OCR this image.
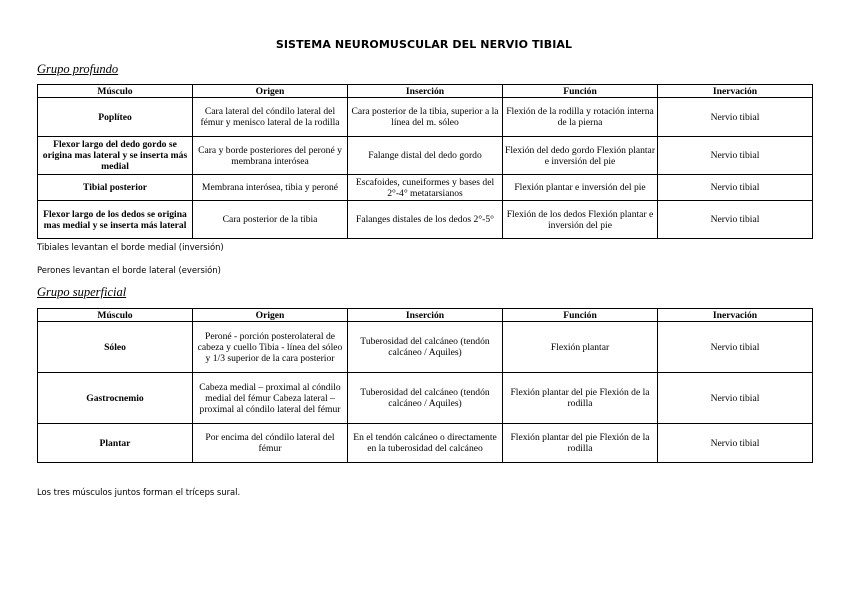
SISTEMA NEUROMUSCULAR DEL NERVIO TIBIAL
Grupo profundo
Músculo	Origen	Inserción	Función	Inervación
Poplíteo	Cara lateral del cóndilo lateral del fémur y menisco lateral de la rodilla	Cara posterior de la tibia, superior a la línea del m. sóleo	Flexión de la rodilla y rotación interna de la pierna	Nervio tibial
Flexor largo del dedo gordo se origina mas lateral y se inserta más medial	Cara y borde posteriores del peroné y membrana interósea	Falange distal del dedo gordo	Flexión del dedo gordo Flexión plantar e inversión del pie	Nervio tibial
Tibial posterior	Membrana interósea, tibia y peroné	Escafoides, cuneiformes y bases del 2°-4° metatarsianos	Flexión plantar e inversión del pie	Nervio tibial
Flexor largo de los dedos se origina mas medial y se inserta más lateral	Cara posterior de la tibia	Falanges distales de los dedos 2°-5°	Flexión de los dedos Flexión plantar e inversión del pie	Nervio tibial
Tibiales levantan el borde medial (inversión)
Perones levantan el borde lateral (eversión)
Grupo superficial
Músculo	Origen	Inserción	Función	Inervación
Sóleo	Peroné - porción posterolateral de cabeza y cuello Tibia - línea del sóleo y 1/3 superior de la cara posterior	Tuberosidad del calcáneo (tendón calcáneo / Aquiles)	Flexión plantar	Nervio tibial
Gastrocnemio	Cabeza medial – proximal al cóndilo medial del fémur Cabeza lateral – proximal al cóndilo lateral del fémur	Tuberosidad del calcáneo (tendón calcáneo / Aquiles)	Flexión plantar del pie Flexión de la rodilla	Nervio tibial
Plantar	Por encima del cóndilo lateral del fémur	En el tendón calcáneo o directamente en la tuberosidad del calcáneo	Flexión plantar del pie Flexión de la rodilla	Nervio tibial
Los tres músculos juntos forman el tríceps sural.
